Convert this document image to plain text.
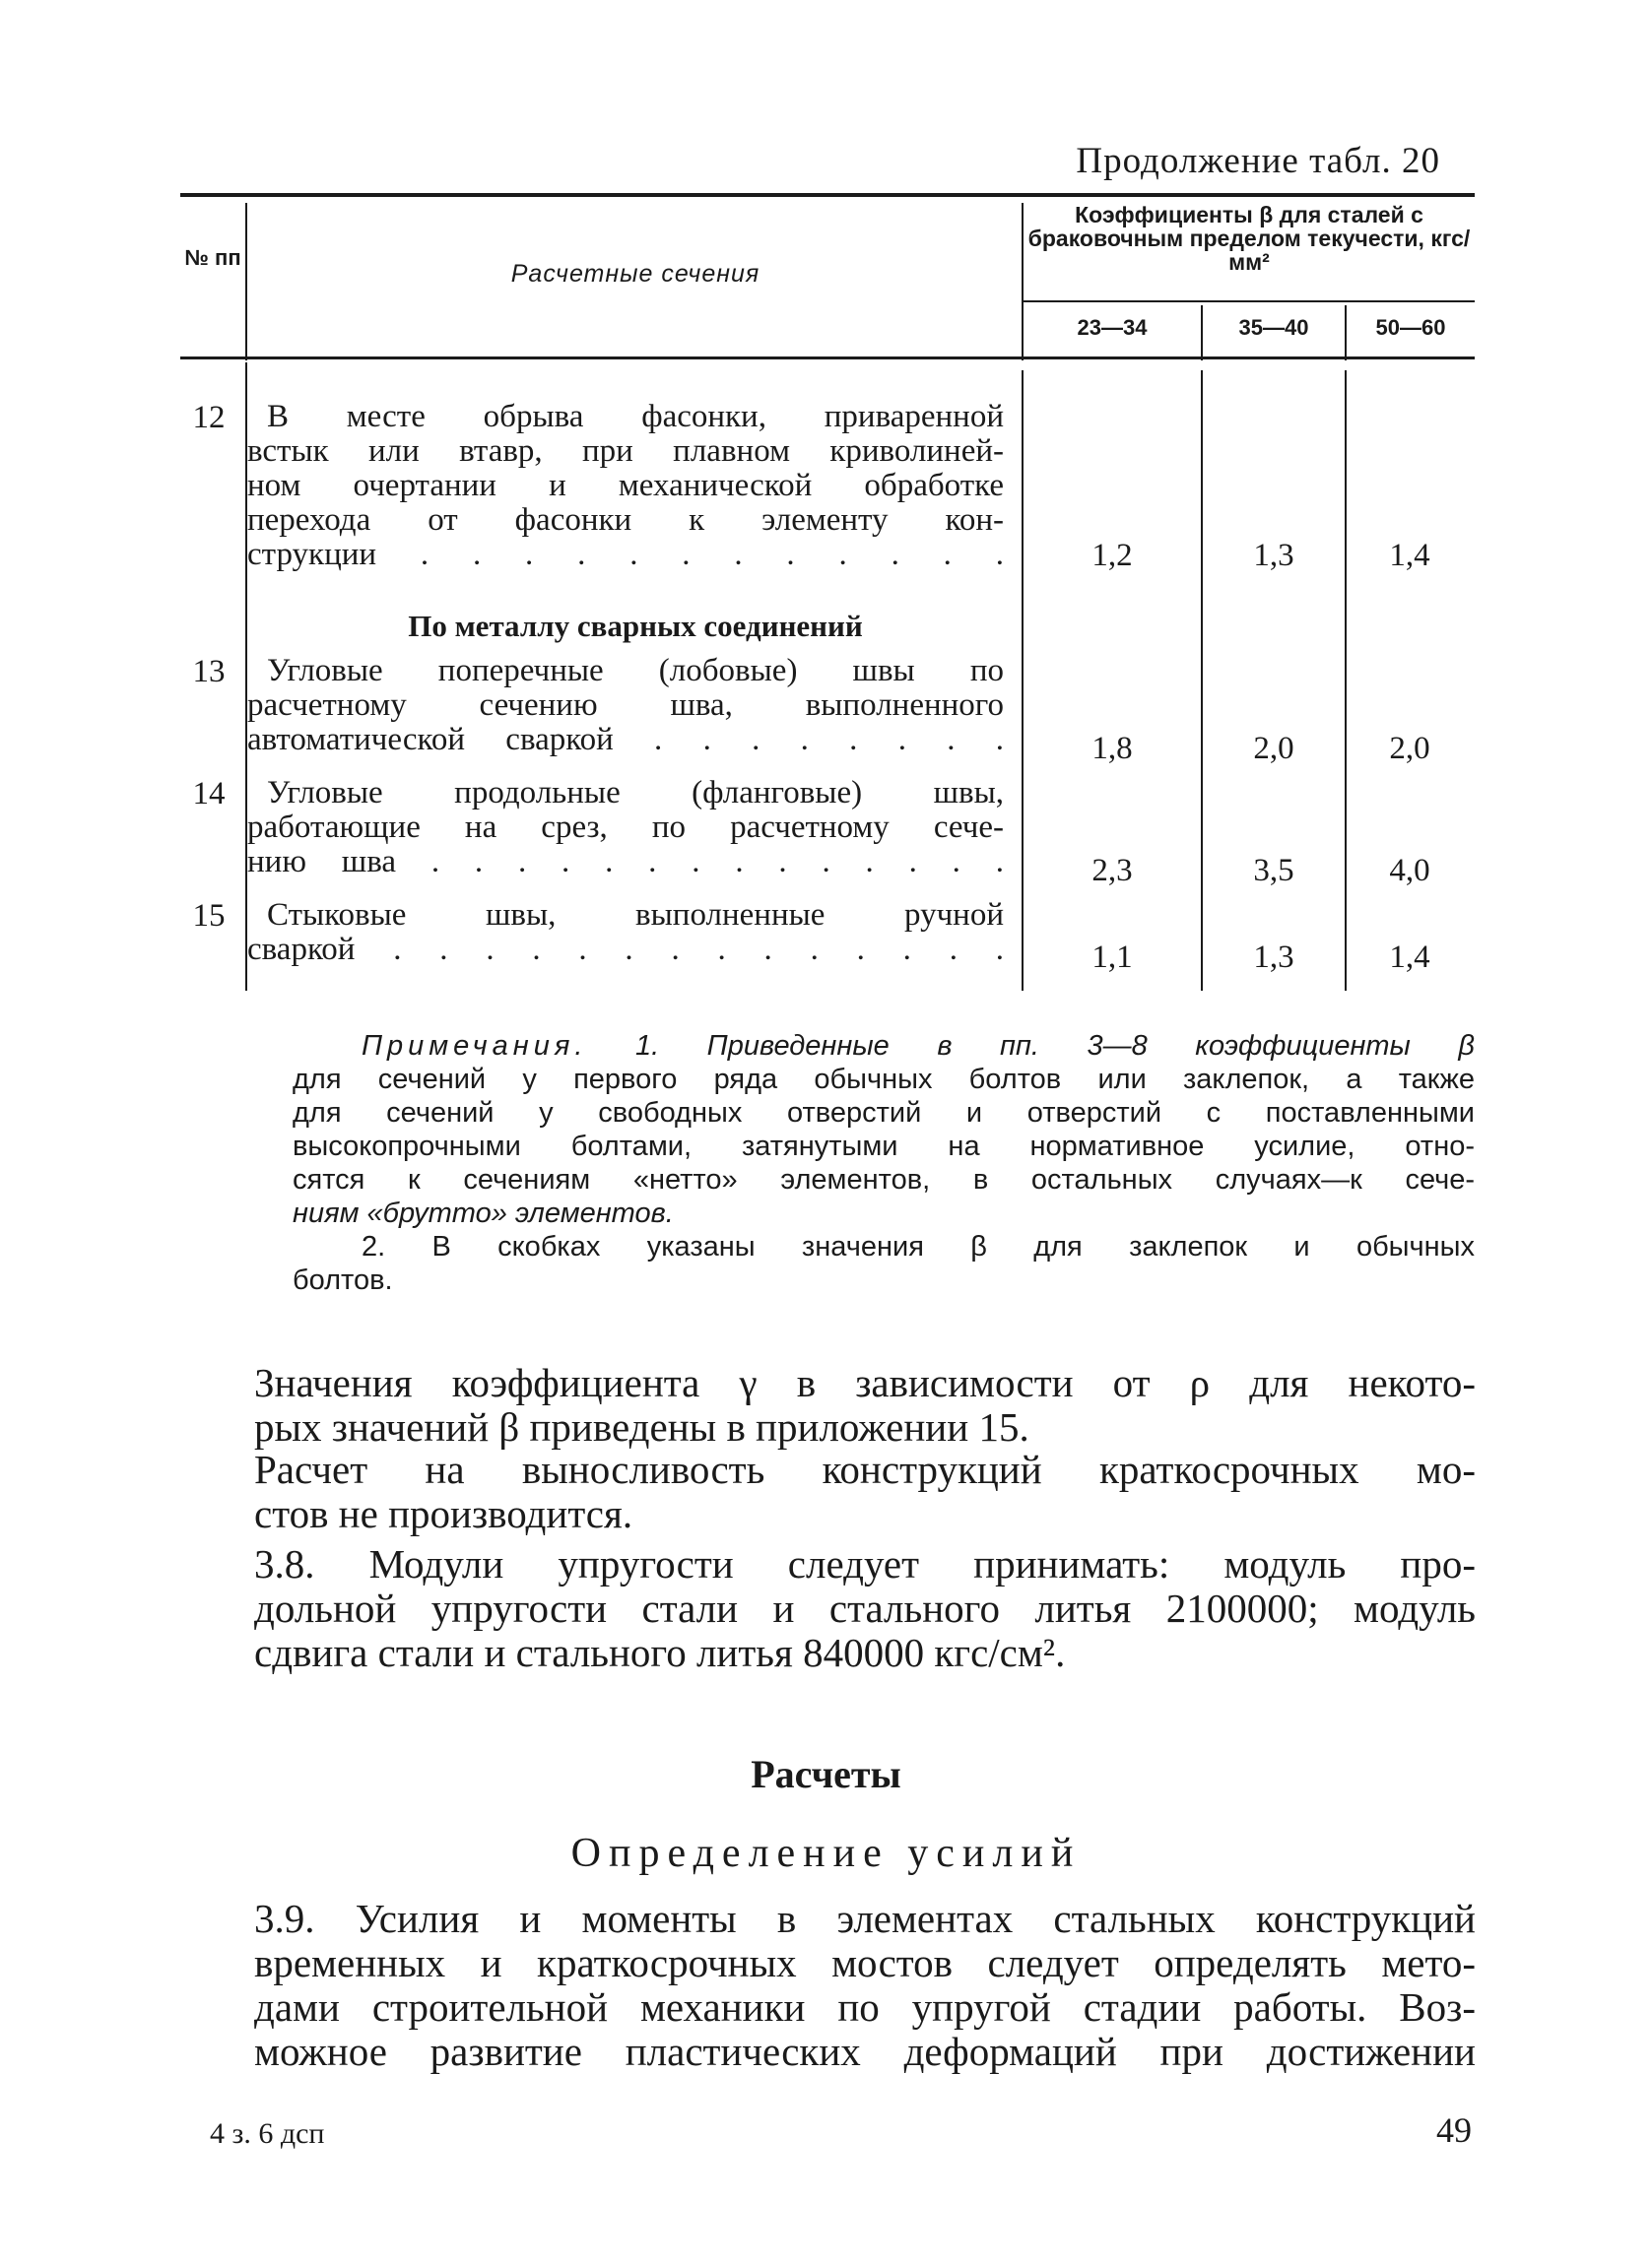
Продолжение табл. 20
№ пп
Расчетные сечения
Коэффициенты β для сталей с браковочным пределом текучести, кгс/мм²
23—34	35—40	50—60
12 В месте обрыва фасонки, приваренной
встык или втавр, при плавном криволиней-
ном очертании и механической обработке
перехода от фасонки к элементу кон-
струкции . . . . . . . . . . . .	1,2	1,3	1,4
По металлу сварных соединений
13 Угловые поперечные (лобовые) швы по
расчетному сечению шва, выполненного
автоматической сваркой . . . . . . . .	1,8	2,0	2,0
14 Угловые продольные (фланговые) швы,
работающие на срез, по расчетному сече-
нию шва . . . . . . . . . . . . . .	2,3	3,5	4,0
15 Стыковые швы, выполненные ручной
сваркой . . . . . . . . . . . . . .	1,1	1,3	1,4
Примечания. 1. Приведенные в пп. 3—8 коэффициенты β
для сечений у первого ряда обычных болтов или заклепок, а также
для сечений у свободных отверстий и отверстий с поставленными
высокопрочными болтами, затянутыми на нормативное усилие, отно-
сятся к сечениям «нетто» элементов, в остальных случаях—к сече-
ниям «брутто» элементов.
2. В скобках указаны значения β для заклепок и обычных
болтов.
Значения коэффициента γ в зависимости от ρ для некото-
рых значений β приведены в приложении 15.
Расчет на выносливость конструкций краткосрочных мо-
стов не производится.
3.8. Модули упругости следует принимать: модуль про-
дольной упругости стали и стального литья 2100000; модуль
сдвига стали и стального литья 840000 кгс/см².
Расчеты
Определение усилий
3.9. Усилия и моменты в элементах стальных конструкций
временных и краткосрочных мостов следует определять мето-
дами строительной механики по упругой стадии работы. Воз-
можное развитие пластических деформаций при достижении
4 з. 6 дсп	49
